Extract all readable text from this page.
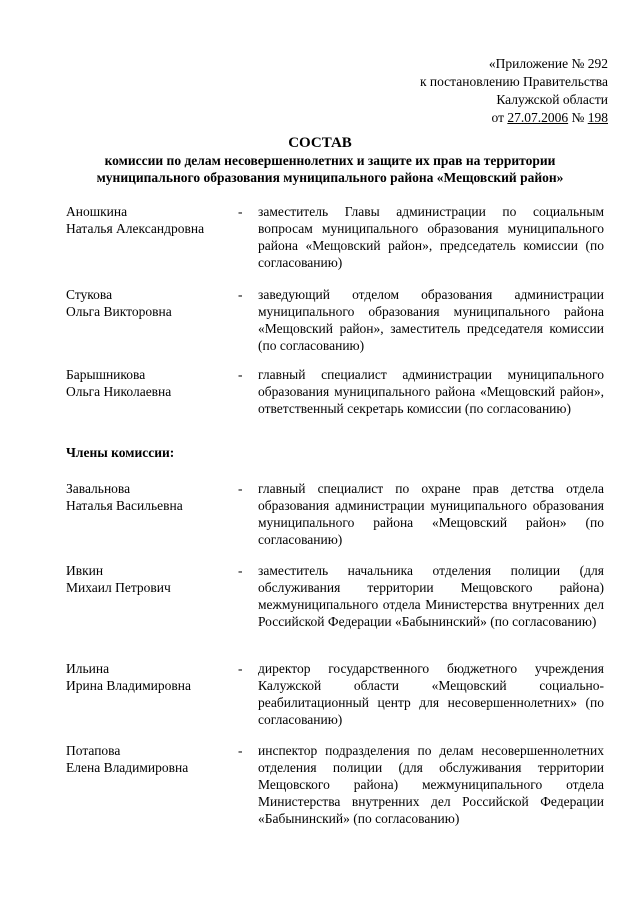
«Приложение № 292
к постановлению Правительства
Калужской области
от 27.07.2006 № 198
СОСТАВ
комиссии по делам несовершеннолетних и защите их прав на территории муниципального образования муниципального района «Мещовский район»
Аношкина
Наталья Александровна
-	заместитель Главы администрации по социальным вопросам муниципального образования муниципального района «Мещовский район», председатель комиссии (по согласованию)
Стукова
Ольга Викторовна
-	заведующий отделом образования администрации муниципального образования муниципального района «Мещовский район», заместитель председателя комиссии (по согласованию)
Барышникова
Ольга Николаевна
-	главный специалист администрации муниципального образования муниципального района «Мещовский район», ответственный секретарь комиссии (по согласованию)
Члены комиссии:
Завальнова
Наталья Васильевна
-	главный специалист по охране прав детства отдела образования администрации муниципального образования муниципального района «Мещовский район» (по согласованию)
Ивкин
Михаил Петрович
-	заместитель начальника отделения полиции (для обслуживания территории Мещовского района) межмуниципального отдела Министерства внутренних дел Российской Федерации «Бабынинский» (по согласованию)
Ильина
Ирина Владимировна
-	директор государственного бюджетного учреждения Калужской области «Мещовский социально-реабилитационный центр для несовершеннолетних» (по согласованию)
Потапова
Елена Владимировна
-	инспектор подразделения по делам несовершеннолетних отделения полиции (для обслуживания территории Мещовского района) межмуниципального отдела Министерства внутренних дел Российской Федерации «Бабынинский» (по согласованию)
